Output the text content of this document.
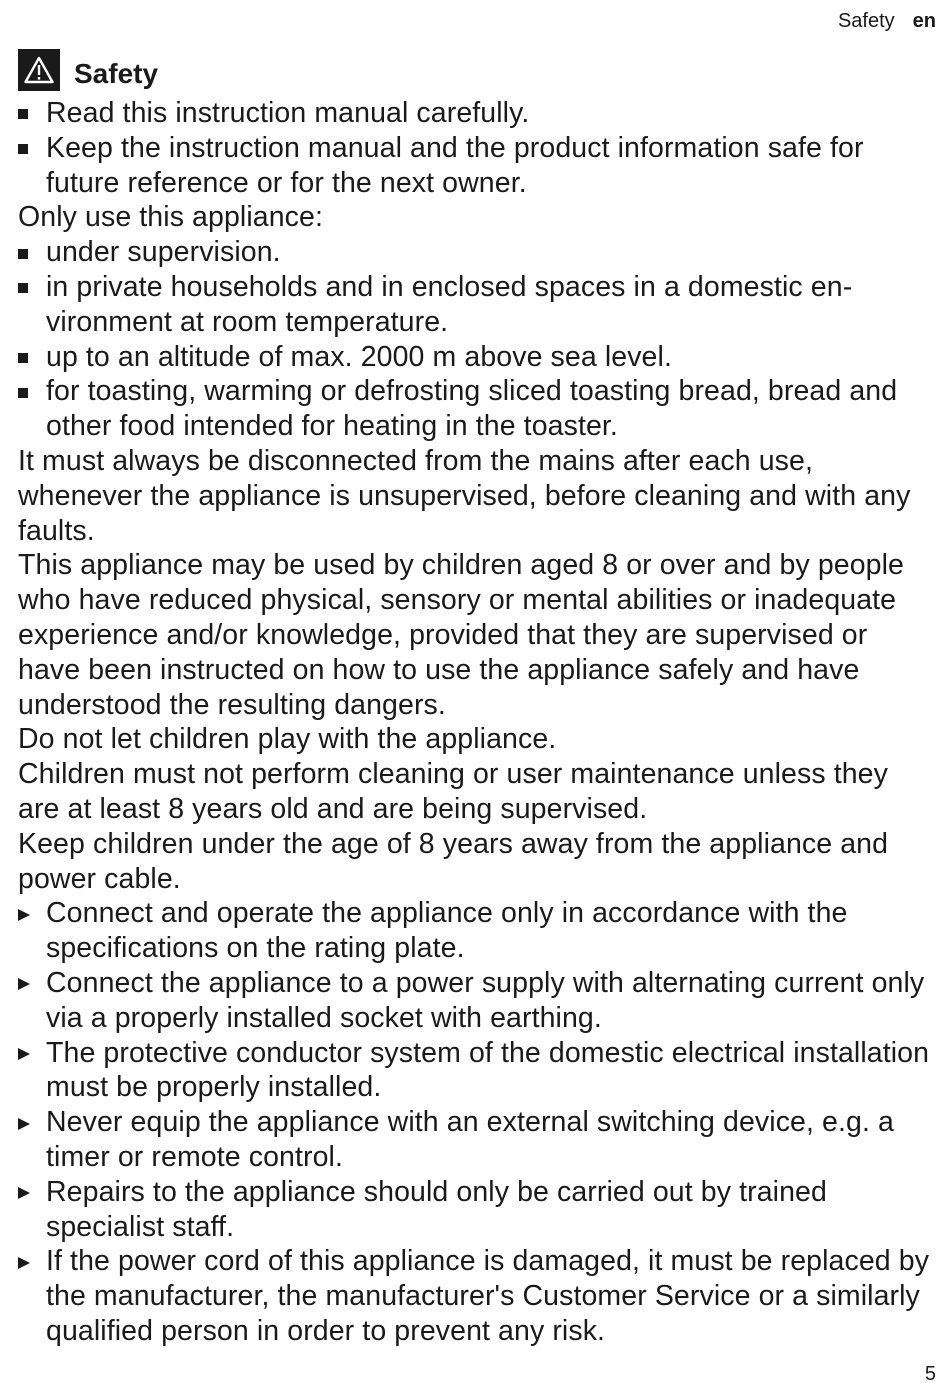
Safety en
Safety
Read this instruction manual carefully.
Keep the instruction manual and the product information safe for future reference or for the next owner.
Only use this appliance:
under supervision.
in private households and in enclosed spaces in a domestic environment at room temperature.
up to an altitude of max. 2000 m above sea level.
for toasting, warming or defrosting sliced toasting bread, bread and other food intended for heating in the toaster.
It must always be disconnected from the mains after each use, whenever the appliance is unsupervised, before cleaning and with any faults.
This appliance may be used by children aged 8 or over and by people who have reduced physical, sensory or mental abilities or inadequate experience and/or knowledge, provided that they are supervised or have been instructed on how to use the appliance safely and have understood the resulting dangers.
Do not let children play with the appliance.
Children must not perform cleaning or user maintenance unless they are at least 8 years old and are being supervised.
Keep children under the age of 8 years away from the appliance and power cable.
Connect and operate the appliance only in accordance with the specifications on the rating plate.
Connect the appliance to a power supply with alternating current only via a properly installed socket with earthing.
The protective conductor system of the domestic electrical installation must be properly installed.
Never equip the appliance with an external switching device, e.g. a timer or remote control.
Repairs to the appliance should only be carried out by trained specialist staff.
If the power cord of this appliance is damaged, it must be replaced by the manufacturer, the manufacturer's Customer Service or a similarly qualified person in order to prevent any risk.
5
